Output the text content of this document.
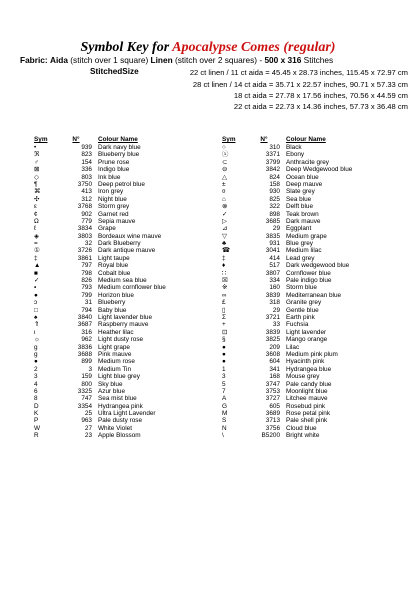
Symbol Key for Apocalypse Comes (regular)
Fabric: Aida (stitch over 1 square) Linen (stitch over 2 squares) - 500 x 316 Stitches
StitchedSize	22 ct linen / 11 ct aida = 45.45 x 28.73 inches, 115.45 x 72.97 cm
28 ct linen / 14 ct aida = 35.71 x 22.57 inches, 90.71 x 57.33 cm
18 ct aida = 27.78 x 17.56 inches, 70.56 x 44.59 cm
22 ct aida = 22.73 x 14.36 inches, 57.73 x 36.48 cm
Sym	N°	Colour Name
•	939 Dark navy blue
ℜ	823 Blueberry blue
♂	154 Prune rose
⊠	336 Indigo blue
◇	803 Ink blue
¶	3750 Deep petrol blue
⌘	413 Iron grey
✣	312 Night blue
ε	3768 Storm grey
¢	902 Garnet red
Ω	779 Sepia mauve
ℓ	3834 Grape
◈	3803 Bordeaux wine mauve
=	32 Dark Blueberry
①	3726 Dark antique mauve
‡	3861 Light taupe
▲	797 Royal blue
■	798 Cobalt blue
✓	826 Medium sea blue
▪	793 Medium cornflower blue
●	799 Horizon blue
ɔ	31 Blueberry
□	794 Baby blue
♠	3840 Light lavender blue
⇑	3687 Raspberry mauve
ι	316 Heather lilac
☼	962 Light dusty rose
g	3836 Light grape
g	3688 Pink mauve
●	899 Medium rose
2	3 Medium Tin
3	159 Light blue grey
4	800 Sky blue
6	3325 Azur blue
8	747 Sea mist blue
D	3354 Hydrangea pink
K	25 Ultra Light Lavender
P	963 Pale dusty rose
W	27 White Violet
R	23 Apple Blossom
Sym	N°	Colour Name
○	310 Black
ⓧ	3371 Ebony
⊂	3799 Anthracite grey
⊖	3842 Deep Wedgewood blue
△	824 Ocean blue
±	158 Deep mauve
¤	930 Slate grey
⌂	825 Sea blue
⊗	322 Delft blue
✓	898 Teak brown
▷	3685 Dark mauve
⊿	29 Eggplant
▽	3835 Medium grape
♣	931 Blue grey
☎	3041 Medium lilac
‡	414 Lead grey
♦	517 Dark wedgewood blue
∷	3807 Cornflower blue
☒	334 Pale indigo blue
※	160 Storm blue
∞	3839 Mediterranean blue
£	318 Granite grey
▯	29 Gentle blue
Σ	3721 Earth pink
+	33 Fuchsia
⊡	3839 Light lavender
§	3825 Mango orange
●	209 Lilac
●	3608 Medium pink plum
●	604 Hyacinth pink
1	341 Hydrangea blue
3	168 Mouse grey
5	3747 Pale candy blue
7	3753 Moonlight blue
A	3727 Litchee mauve
G	605 Rosebud pink
M	3689 Rose petal pink
S	3713 Pale shell pink
N	3756 Cloud blue
\	B5200 Bright white
